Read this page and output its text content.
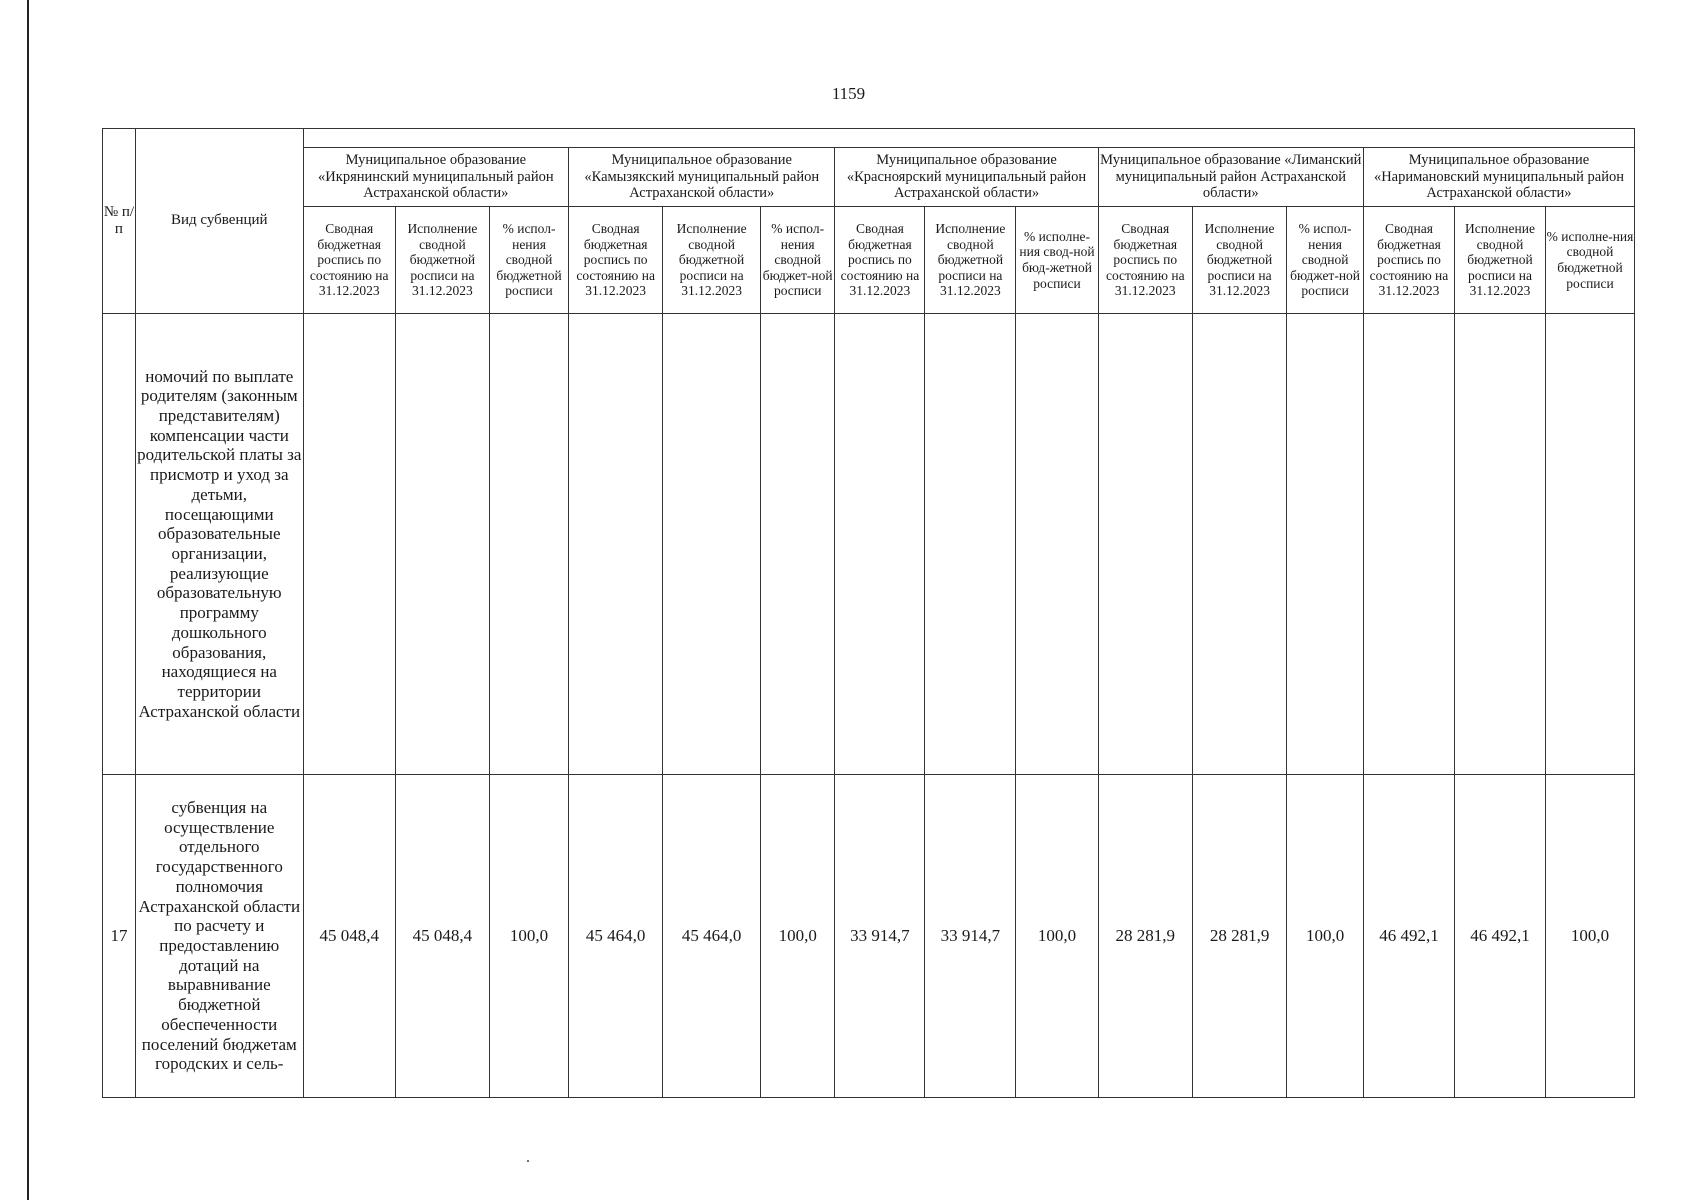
1159
№ п/п	Вид субвенций															
		Муниципальное образование «Икрянинский муниципальный район Астраханской области»			Муниципальное образование «Камызякский муниципальный район Астраханской области»			Муниципальное образование «Красноярский муниципальный район Астраханской области»			Муниципальное образование «Лиманский муниципальный район Астраханской области»			Муниципальное образование «Наримановский муниципальный район Астраханской области»		
		Сводная бюджетная роспись по состоянию на 31.12.2023	Исполнение сводной бюджетной росписи на 31.12.2023	% испол-нения сводной бюджетной росписи	Сводная бюджетная роспись по состоянию на 31.12.2023	Исполнение сводной бюджетной росписи на 31.12.2023	% испол-нения сводной бюджет-ной росписи	Сводная бюджетная роспись по состоянию на 31.12.2023	Исполнение сводной бюджетной росписи на 31.12.2023	% исполне-ния свод-ной бюд-жетной росписи	Сводная бюджетная роспись по состоянию на 31.12.2023	Исполнение сводной бюджетной росписи на 31.12.2023	% испол-нения сводной бюджет-ной росписи	Сводная бюджетная роспись по состоянию на 31.12.2023	Исполнение сводной бюджетной росписи на 31.12.2023	% исполне-ния сводной бюджетной росписи
	номочий по выплате родителям (законным представителям) компенсации части родительской платы за присмотр и уход за детьми, посещающими образовательные организации, реализующие образовательную программу дошкольного образования, находящиеся на территории Астраханской области															
17	субвенция на осуществление отдельного государственного полномочия Астраханской области по расчету и предоставлению дотаций на выравнивание бюджетной обеспеченности поселений бюджетам городских и сель-	45 048,4	45 048,4	100,0	45 464,0	45 464,0	100,0	33 914,7	33 914,7	100,0	28 281,9	28 281,9	100,0	46 492,1	46 492,1	100,0
